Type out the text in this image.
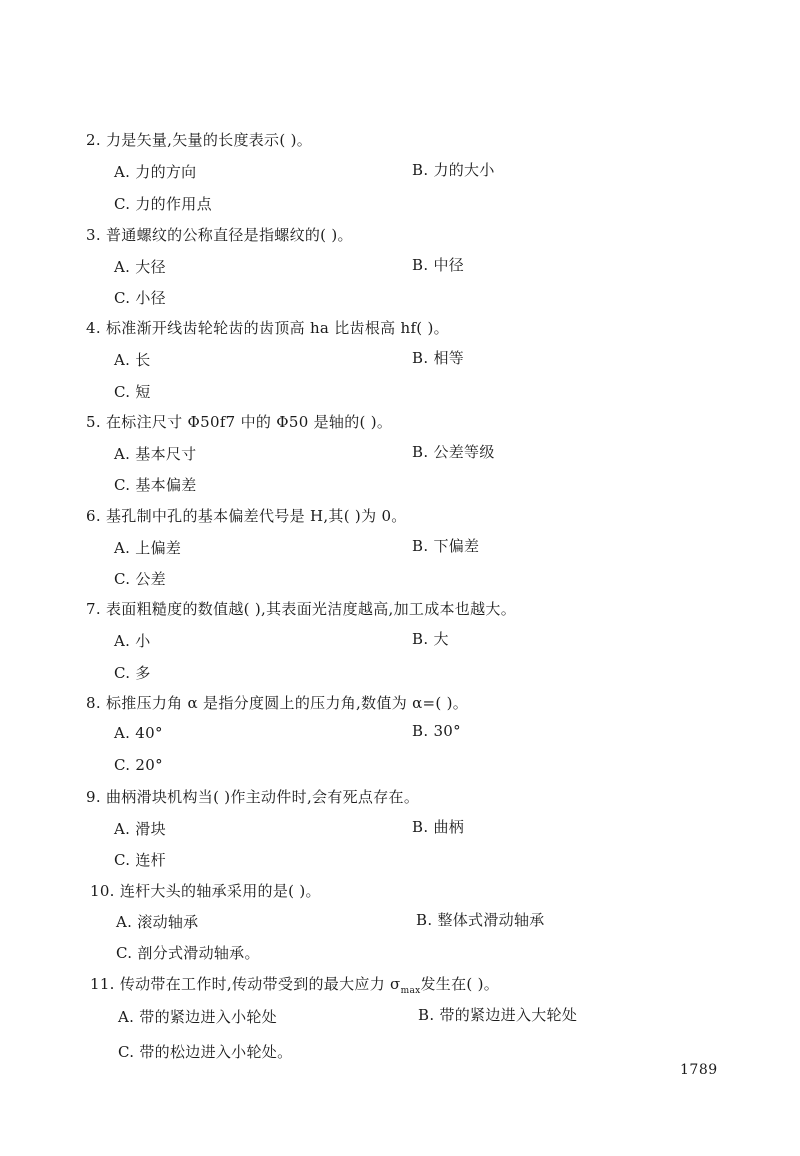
2. 力是矢量,矢量的长度表示( )。
A. 力的方向	B. 力的大小
C. 力的作用点
3. 普通螺纹的公称直径是指螺纹的( )。
A. 大径	B. 中径
C. 小径
4. 标准渐开线齿轮轮齿的齿顶高 ha 比齿根高 hf( )。
A. 长	B. 相等
C. 短
5. 在标注尺寸 Φ50f7 中的 Φ50 是轴的( )。
A. 基本尺寸	B. 公差等级
C. 基本偏差
6. 基孔制中孔的基本偏差代号是 H,其( )为 0。
A. 上偏差	B. 下偏差
C. 公差
7. 表面粗糙度的数值越( ),其表面光洁度越高,加工成本也越大。
A. 小	B. 大
C. 多
8. 标推压力角 α 是指分度圆上的压力角,数值为 α=( )。
A. 40°	B. 30°
C. 20°
9. 曲柄滑块机构当( )作主动件时,会有死点存在。
A. 滑块	B. 曲柄
C. 连杆
10. 连杆大头的轴承采用的是( )。
A. 滚动轴承	B. 整体式滑动轴承
C. 剖分式滑动轴承。
11. 传动带在工作时,传动带受到的最大应力 $\sigma_{max}$发生在( )。
A. 带的紧边进入小轮处	B. 带的紧边进入大轮处
C. 带的松边进入小轮处。
1789
